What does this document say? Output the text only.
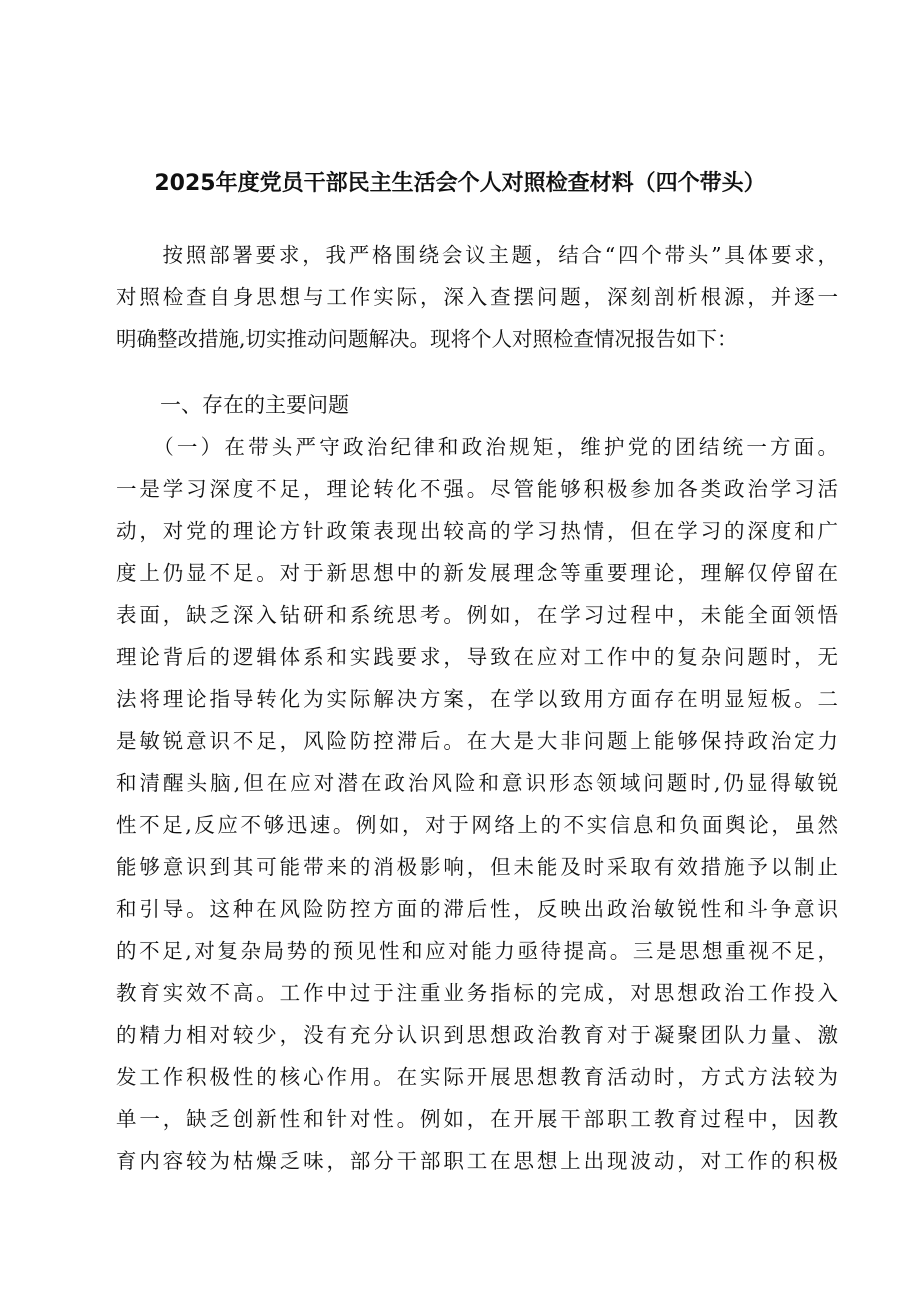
2025年度党员干部民主生活会个人对照检查材料（四个带头）
　　按照部署要求，我严格围绕会议主题，结合“四个带头”具体要求，
对照检查自身思想与工作实际，深入查摆问题，深刻剖析根源，并逐一
明确整改措施,切实推动问题解决。现将个人对照检查情况报告如下：
一、存在的主要问题
　　（一）在带头严守政治纪律和政治规矩，维护党的团结统一方面。
一是学习深度不足，理论转化不强。尽管能够积极参加各类政治学习活
动，对党的理论方针政策表现出较高的学习热情，但在学习的深度和广
度上仍显不足。对于新思想中的新发展理念等重要理论，理解仅停留在
表面，缺乏深入钻研和系统思考。例如，在学习过程中，未能全面领悟
理论背后的逻辑体系和实践要求，导致在应对工作中的复杂问题时，无
法将理论指导转化为实际解决方案，在学以致用方面存在明显短板。二
是敏锐意识不足，风险防控滞后。在大是大非问题上能够保持政治定力
和清醒头脑,但在应对潜在政治风险和意识形态领域问题时,仍显得敏锐
性不足,反应不够迅速。例如，对于网络上的不实信息和负面舆论，虽然
能够意识到其可能带来的消极影响，但未能及时采取有效措施予以制止
和引导。这种在风险防控方面的滞后性，反映出政治敏锐性和斗争意识
的不足,对复杂局势的预见性和应对能力亟待提高。三是思想重视不足，
教育实效不高。工作中过于注重业务指标的完成，对思想政治工作投入
的精力相对较少，没有充分认识到思想政治教育对于凝聚团队力量、激
发工作积极性的核心作用。在实际开展思想教育活动时，方式方法较为
单一，缺乏创新性和针对性。例如，在开展干部职工教育过程中，因教
育内容较为枯燥乏味，部分干部职工在思想上出现波动，对工作的积极
